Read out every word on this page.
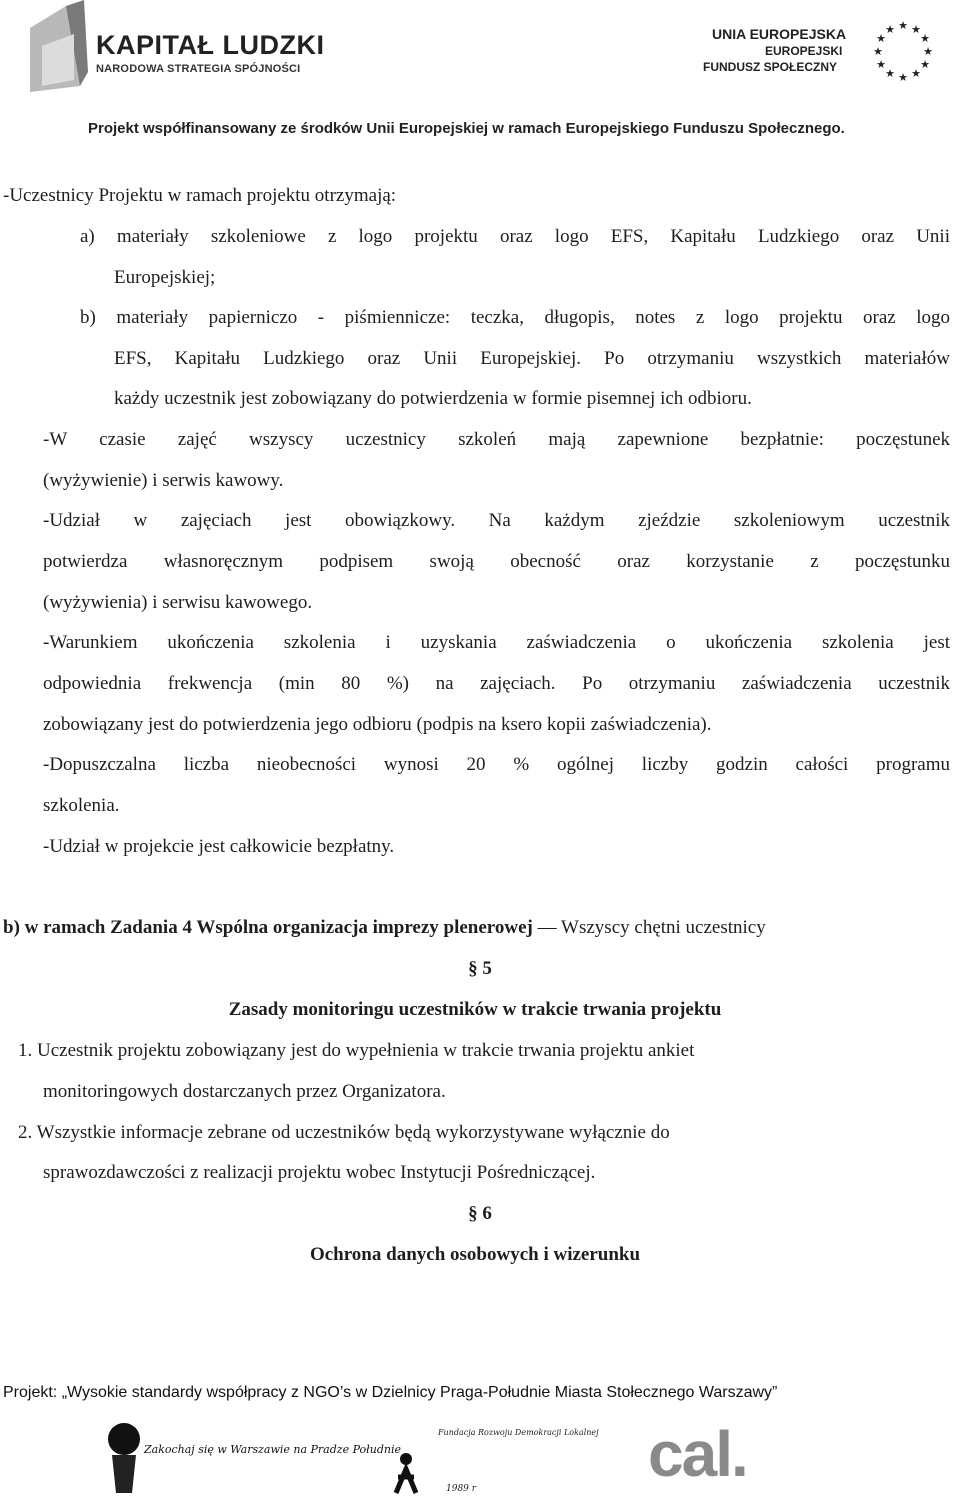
KAPITAŁ LUDZKI
NARODOWA STRATEGIA SPÓJNOŚCI
UNIA EUROPEJSKA
EUROPEJSKI
FUNDUSZ SPOŁECZNY
★ ★
★
★
★
★
★
★
★
★
★
★
Projekt współfinansowany ze środków Unii Europejskiej w ramach Europejskiego Funduszu Społecznego.
-Uczestnicy Projektu w ramach projektu otrzymają:
a) materiały szkoleniowe z logo projektu oraz logo EFS, Kapitału Ludzkiego oraz Unii
Europejskiej;
b) materiały papierniczo - piśmiennicze: teczka, długopis, notes z logo projektu oraz logo
EFS, Kapitału Ludzkiego oraz Unii Europejskiej. Po otrzymaniu wszystkich materiałów
każdy uczestnik jest zobowiązany do potwierdzenia w formie pisemnej ich odbioru.
-W czasie zajęć wszyscy uczestnicy szkoleń mają zapewnione bezpłatnie: poczęstunek
(wyżywienie) i serwis kawowy.
-Udział w zajęciach jest obowiązkowy. Na każdym zjeździe szkoleniowym uczestnik
potwierdza własnoręcznym podpisem swoją obecność oraz korzystanie z poczęstunku
(wyżywienia) i serwisu kawowego.
-Warunkiem ukończenia szkolenia i uzyskania zaświadczenia o ukończenia szkolenia jest
odpowiednia frekwencja (min 80 %) na zajęciach. Po otrzymaniu zaświadczenia uczestnik
zobowiązany jest do potwierdzenia jego odbioru (podpis na ksero kopii zaświadczenia).
-Dopuszczalna liczba nieobecności wynosi 20 % ogólnej liczby godzin całości programu
szkolenia.
-Udział w projekcie jest całkowicie bezpłatny.
b) w ramach Zadania 4 Wspólna organizacja imprezy plenerowej — Wszyscy chętni uczestnicy
§ 5
Zasady monitoringu uczestników w trakcie trwania projektu
1. Uczestnik projektu zobowiązany jest do wypełnienia w trakcie trwania projektu ankiet
monitoringowych dostarczanych przez Organizatora.
2. Wszystkie informacje zebrane od uczestników będą wykorzystywane wyłącznie do
sprawozdawczości z realizacji projektu wobec Instytucji Pośredniczącej.
§ 6
Ochrona danych osobowych i wizerunku
Projekt: „Wysokie standardy współpracy z NGO’s w Dzielnicy Praga-Południe Miasta Stołecznego Warszawy”
Zakochaj się w Warszawie na Pradze Południe
Fundacja Rozwoju Demokracji Lokalnej
1989 r	cal.
